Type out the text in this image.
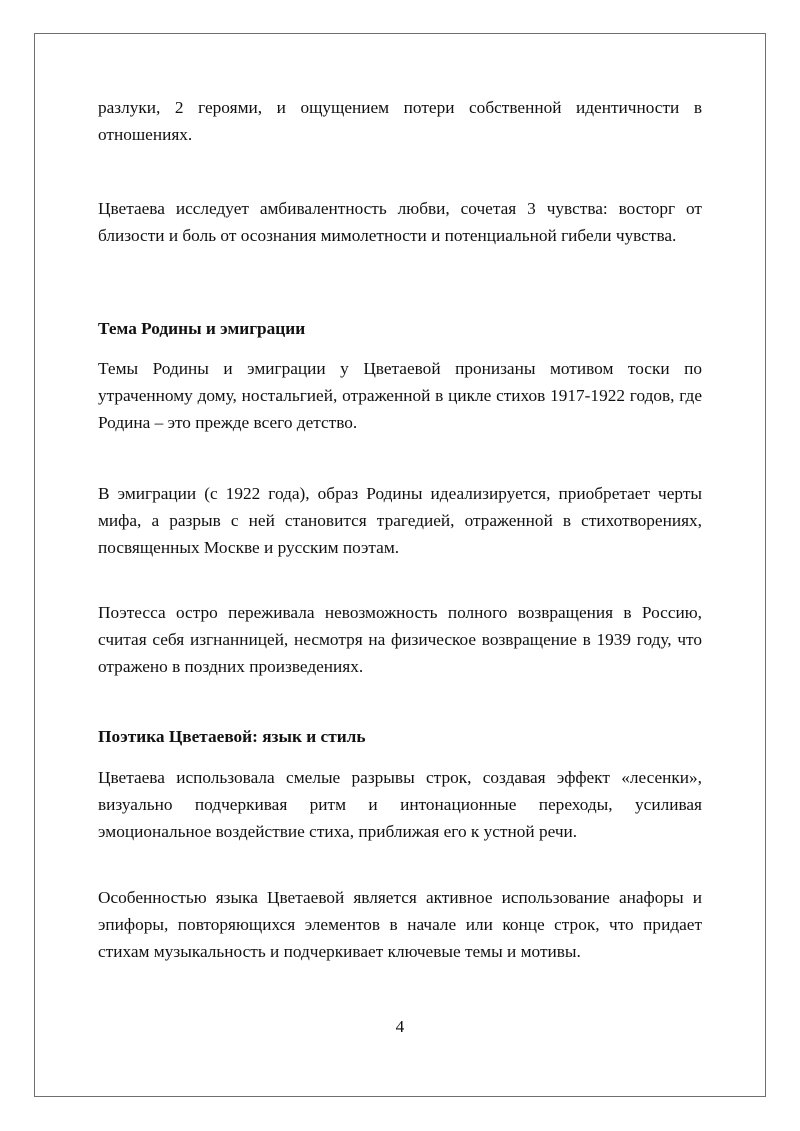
разлуки, 2 героями, и ощущением потери собственной идентичности в отношениях.

Цветаева исследует амбивалентность любви, сочетая 3 чувства: восторг от близости и боль от осознания мимолетности и потенциальной гибели чувства.

Тема Родины и эмиграции

Темы Родины и эмиграции у Цветаевой пронизаны мотивом тоски по утраченному дому, ностальгией, отраженной в цикле стихов 1917-1922 годов, где Родина – это прежде всего детство.

В эмиграции (с 1922 года), образ Родины идеализируется, приобретает черты мифа, а разрыв с ней становится трагедией, отраженной в стихотворениях, посвященных Москве и русским поэтам.

Поэтесса остро переживала невозможность полного возвращения в Россию, считая себя изгнанницей, несмотря на физическое возвращение в 1939 году, что отражено в поздних произведениях.

Поэтика Цветаевой: язык и стиль

Цветаева использовала смелые разрывы строк, создавая эффект «лесенки», визуально подчеркивая ритм и интонационные переходы, усиливая эмоциональное воздействие стиха, приближая его к устной речи.

Особенностью языка Цветаевой является активное использование анафоры и эпифоры, повторяющихся элементов в начале или конце строк, что придает стихам музыкальность и подчеркивает ключевые темы и мотивы.

4
